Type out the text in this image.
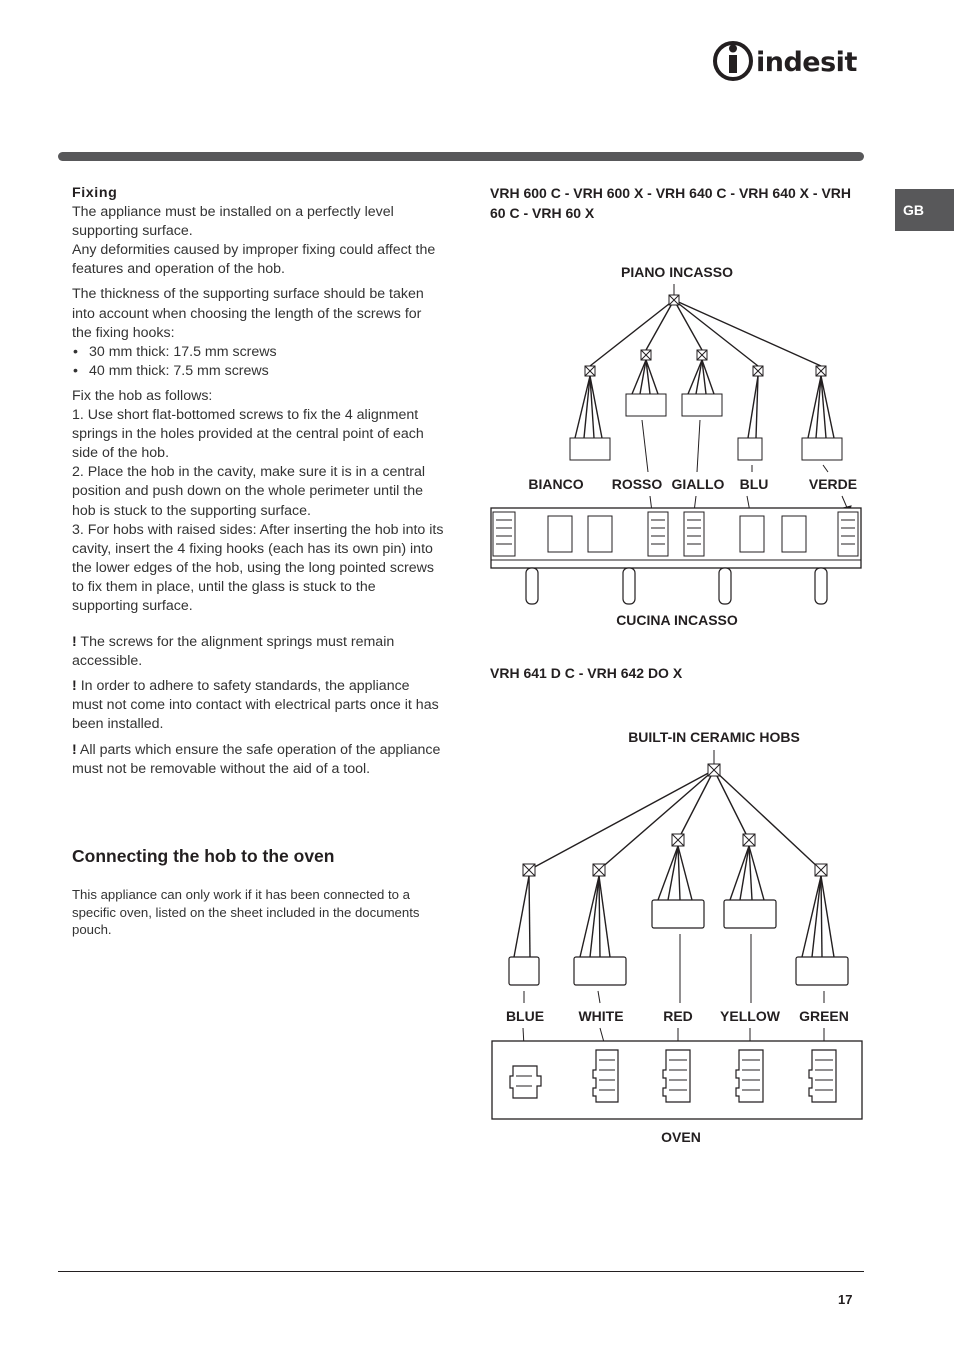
indesit
GB

Fixing

The appliance must be installed on a perfectly level supporting surface.

Any deformities caused by improper fixing could affect the features and operation of the hob.

The thickness of the supporting surface should be taken into account when choosing the length of the screws for the fixing hooks:

• 30 mm thick: 17.5 mm screws

• 40 mm thick: 7.5 mm screws

Fix the hob as follows:

1. Use short flat-bottomed screws to fix the 4 alignment springs in the holes provided at the central point of each side of the hob.

2. Place the hob in the cavity, make sure it is in a central position and push down on the whole perimeter until the hob is stuck to the supporting surface.

3. For hobs with raised sides: After inserting the hob into its cavity, insert the 4 fixing hooks (each has its own pin) into the lower edges of the hob, using the long pointed screws to fix them in place, until the glass is stuck to the supporting surface.

! The screws for the alignment springs must remain accessible.

! In order to adhere to safety standards, the appliance must not come into contact with electrical parts once it has been installed.

! All parts which ensure the safe operation of the appliance must not be removable without the aid of a tool.

Connecting the hob to the oven
This appliance can only work if it has been connected to a specific oven, listed on the sheet included in the documents pouch.
VRH 600 C - VRH 600 X - VRH 640 C - VRH 640 X - VRH 60 C - VRH 60 X
PIANO INCASSO
BIANCO ROSSO GIALLO BLU	VERDE
CUCINA INCASSO
VRH 641 D C - VRH 642 DO X
BUILT-IN CERAMIC HOBS
BLUE WHITE	RED YELLOW GREEN
OVEN
17
